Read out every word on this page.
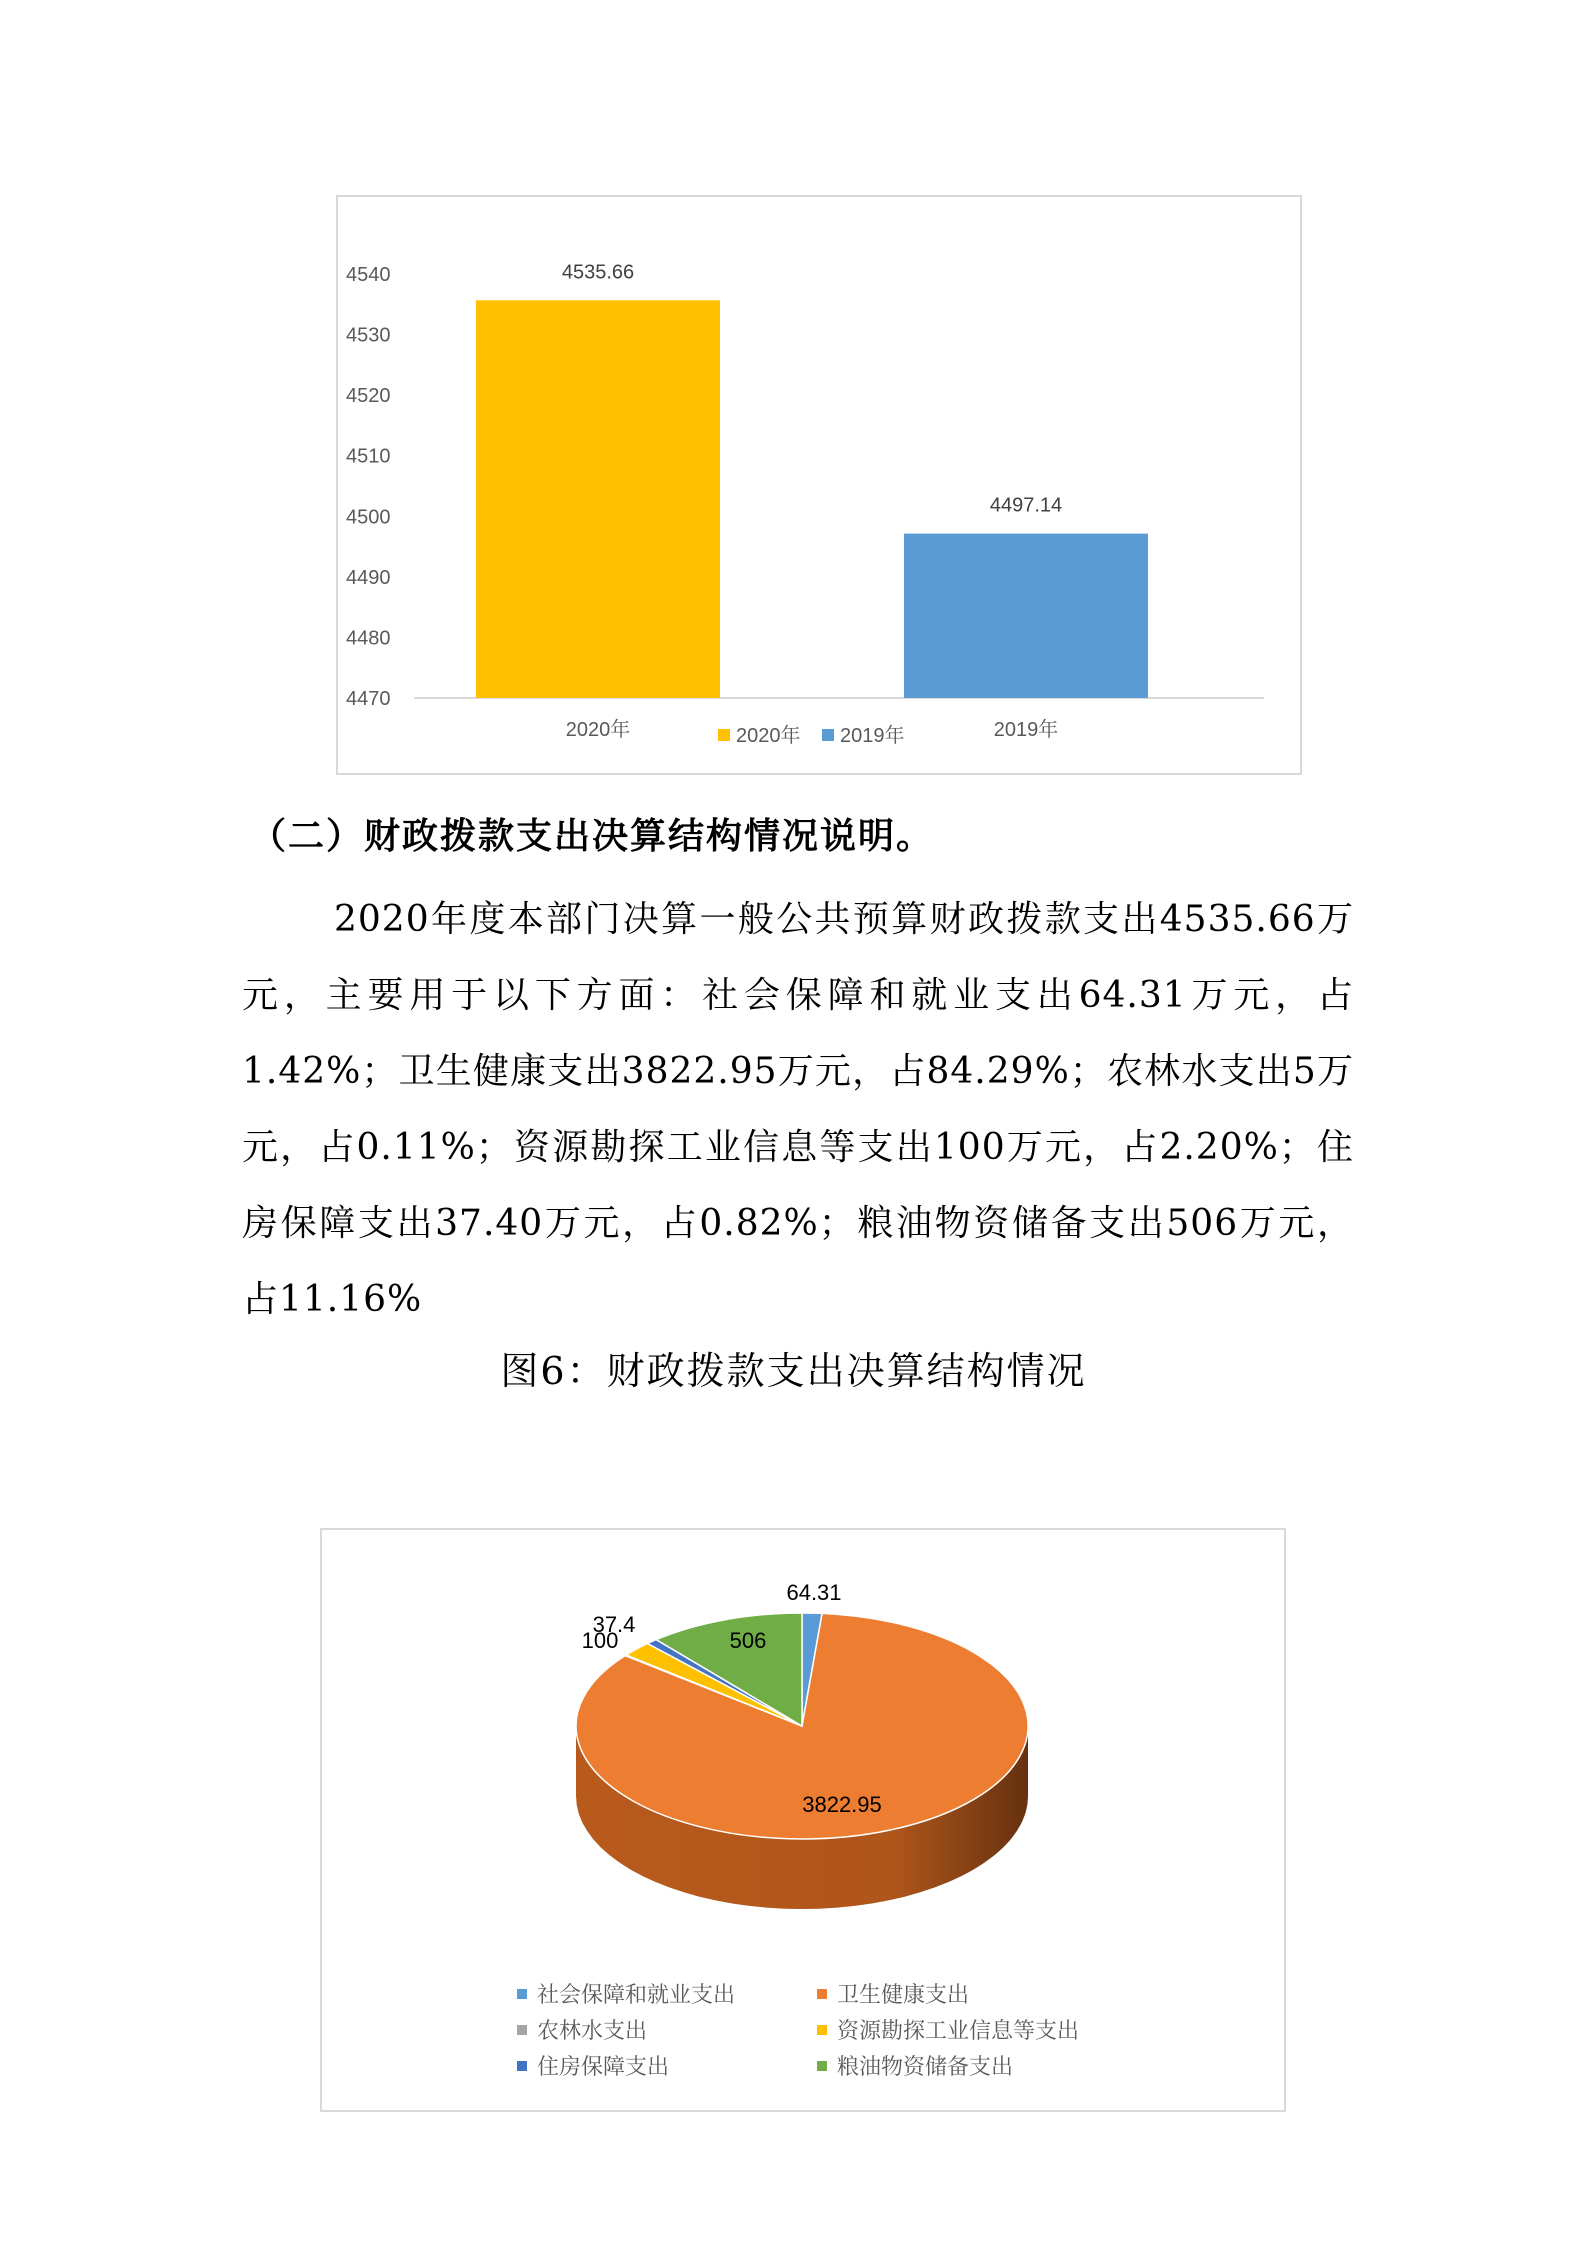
4540
4530
4520
4510
4500
4490
4480
4470
4535.66
2020年
4497.14
2019年
2020年 2019年
（二）财政拨款支出决算结构情况说明。
2020年度本部门决算一般公共预算财政拨款支出4535.66万元，主要用于以下方面：社会保障和就业支出64.31万元，占1.42%；卫生健康支出3822.95万元，占84.29%；农林水支出5万元，占0.11%；资源勘探工业信息等支出100万元，占2.20%；住房保障支出37.40万元，占0.82%；粮油物资储备支出506万元，占11.16%
图6：财政拨款支出决算结构情况
64.31
3822.95
100
37.4
506
社会保障和就业支出	卫生健康支出
农林水支出	资源勘探工业信息等支出
住房保障支出	粮油物资储备支出
